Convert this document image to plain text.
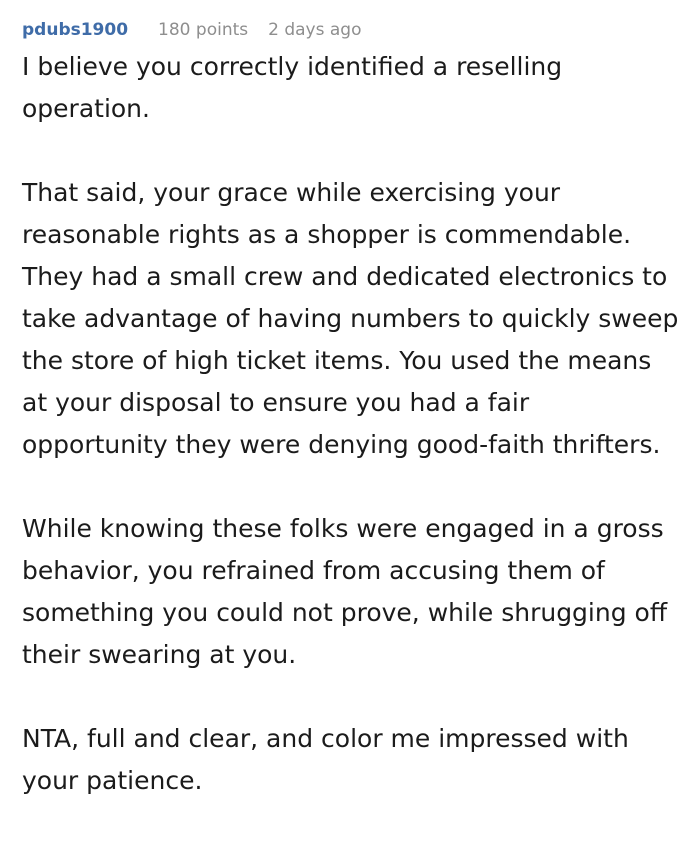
pdubs1900 180 points 2 days ago

I believe you correctly identified a reselling operation.

That said, your grace while exercising your reasonable rights as a shopper is commendable. They had a small crew and dedicated electronics to take advantage of having numbers to quickly sweep the store of high ticket items. You used the means at your disposal to ensure you had a fair opportunity they were denying good-faith thrifters.

While knowing these folks were engaged in a gross behavior, you refrained from accusing them of something you could not prove, while shrugging off their swearing at you.

NTA, full and clear, and color me impressed with your patience.
